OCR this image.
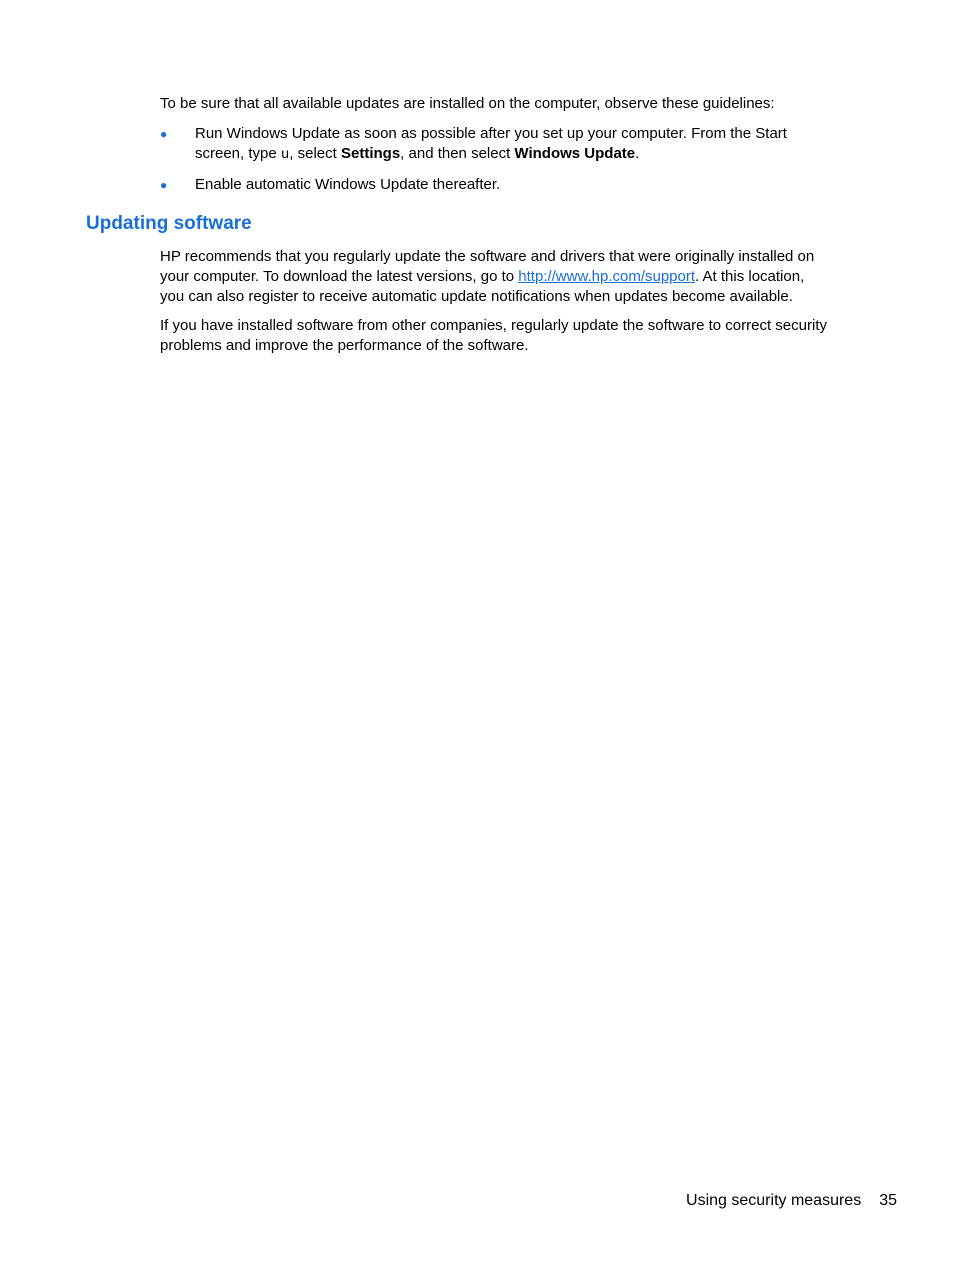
To be sure that all available updates are installed on the computer, observe these guidelines:

● Run Windows Update as soon as possible after you set up your computer. From the Start
screen, type u, select Settings, and then select Windows Update.
● Enable automatic Windows Update thereafter.
Updating software
HP recommends that you regularly update the software and drivers that were originally installed on
your computer. To download the latest versions, go to http://www.hp.com/support. At this location,
you can also register to receive automatic update notifications when updates become available.
If you have installed software from other companies, regularly update the software to correct security
problems and improve the performance of the software.
Using security measures 35
